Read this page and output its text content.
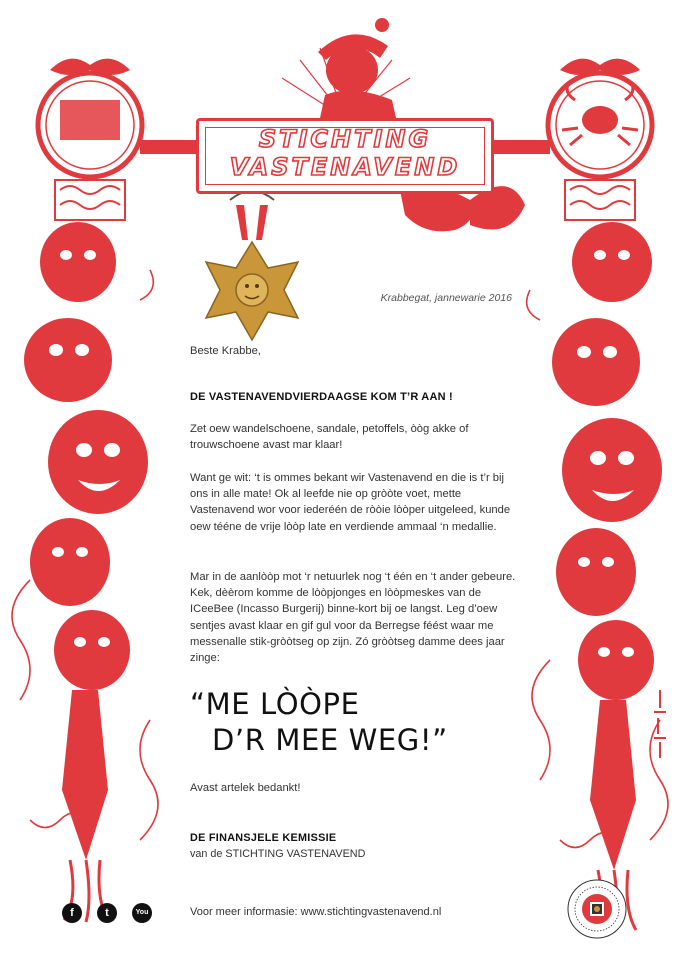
STICHTING
VASTENAVEND
Krabbegat, jannewarie 2016
Beste Krabbe,
DE VASTENAVENDVIERDAAGSE KOM T’R AAN !
Zet oew wandelschoene, sandale, petoffels, òòg akke of trouwschoene avast mar klaar!
Want ge wit: ‘t is ommes bekant wir Vastenavend en die is t’r bij ons in alle mate! Ok al leefde nie op gròòte voet, mette Vastenavend wor voor iederéén de ròòie lòòper uitgeleed, kunde oew tééne de vrije lòòp late en verdiende ammaal ‘n medallie.
Mar in de aanlòòp mot ‘r netuurlek nog ‘t één en ‘t ander gebeure. Kek, dèèrom komme de lòòpjonges en lòòpmeskes van de ICeeBee (Incasso Burgerij) binne-kort bij oe langst. Leg d’oew sentjes avast klaar en gif gul voor da Berregse féést waar me messenalle stik-gròòtseg op zijn. Zó gròòtseg damme dees jaar zinge:
“ME LÒÒPE
D’R MEE WEG!”
Avast artelek bedankt!
DE FINANSJELE KEMISSIE
van de STICHTING VASTENAVEND
f	t	You Tube
Voor meer informasie: www.stichtingvastenavend.nl
